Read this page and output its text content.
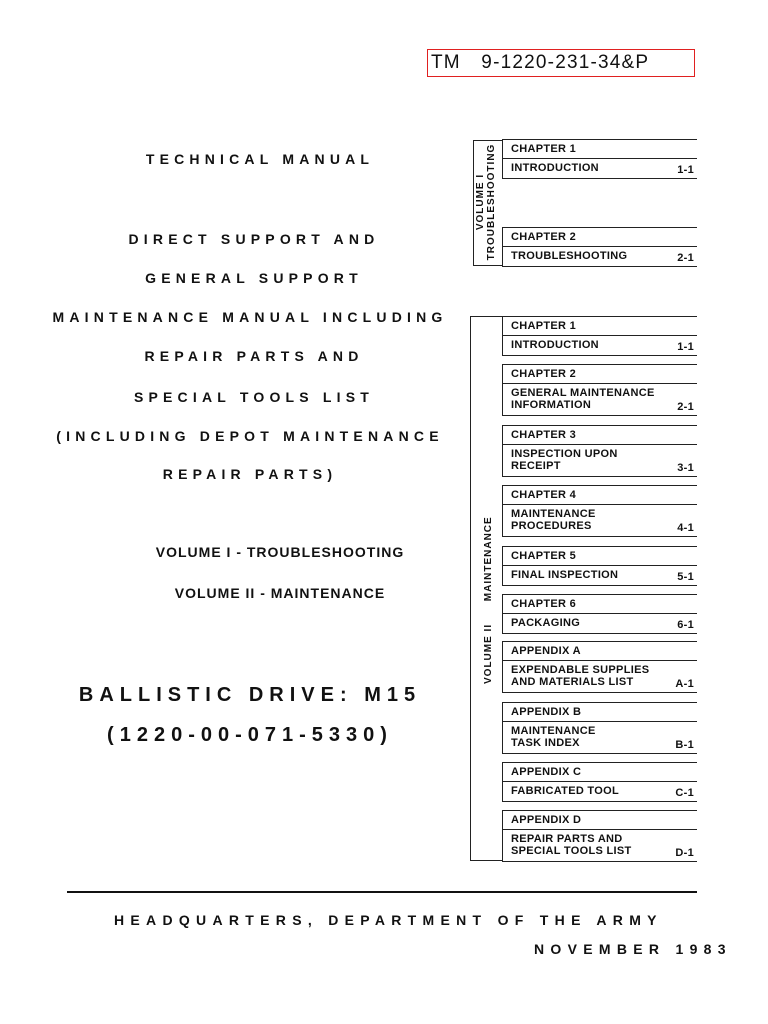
TM 9-1220-231-34&P
TECHNICAL MANUAL
DIRECT SUPPORT AND
GENERAL SUPPORT
MAINTENANCE MANUAL INCLUDING
REPAIR PARTS AND
SPECIAL TOOLS LIST
(INCLUDING DEPOT MAINTENANCE
REPAIR PARTS)
VOLUME I - TROUBLESHOOTING
VOLUME II - MAINTENANCE
BALLISTIC DRIVE: M15
(1220-00-071-5330)
VOLUME I TROUBLESHOOTING	CHAPTER 1
INTRODUCTION	1-1
CHAPTER 2
TROUBLESHOOTING	2-1
VOLUME II      MAINTENANCE
CHAPTER 1
INTRODUCTION	1-1
CHAPTER 2
GENERAL MAINTENANCE
INFORMATION	2-1
CHAPTER 3
INSPECTION UPON
RECEIPT	3-1
CHAPTER 4
MAINTENANCE
PROCEDURES	4-1
CHAPTER 5
FINAL INSPECTION	5-1
CHAPTER 6
PACKAGING	6-1
APPENDIX A
EXPENDABLE SUPPLIES
AND MATERIALS LIST	A-1
APPENDIX B
MAINTENANCE
TASK INDEX	B-1
APPENDIX C
FABRICATED TOOL	C-1
APPENDIX D
REPAIR PARTS AND
SPECIAL TOOLS LIST	D-1
HEADQUARTERS, DEPARTMENT OF THE ARMY
NOVEMBER 1983
